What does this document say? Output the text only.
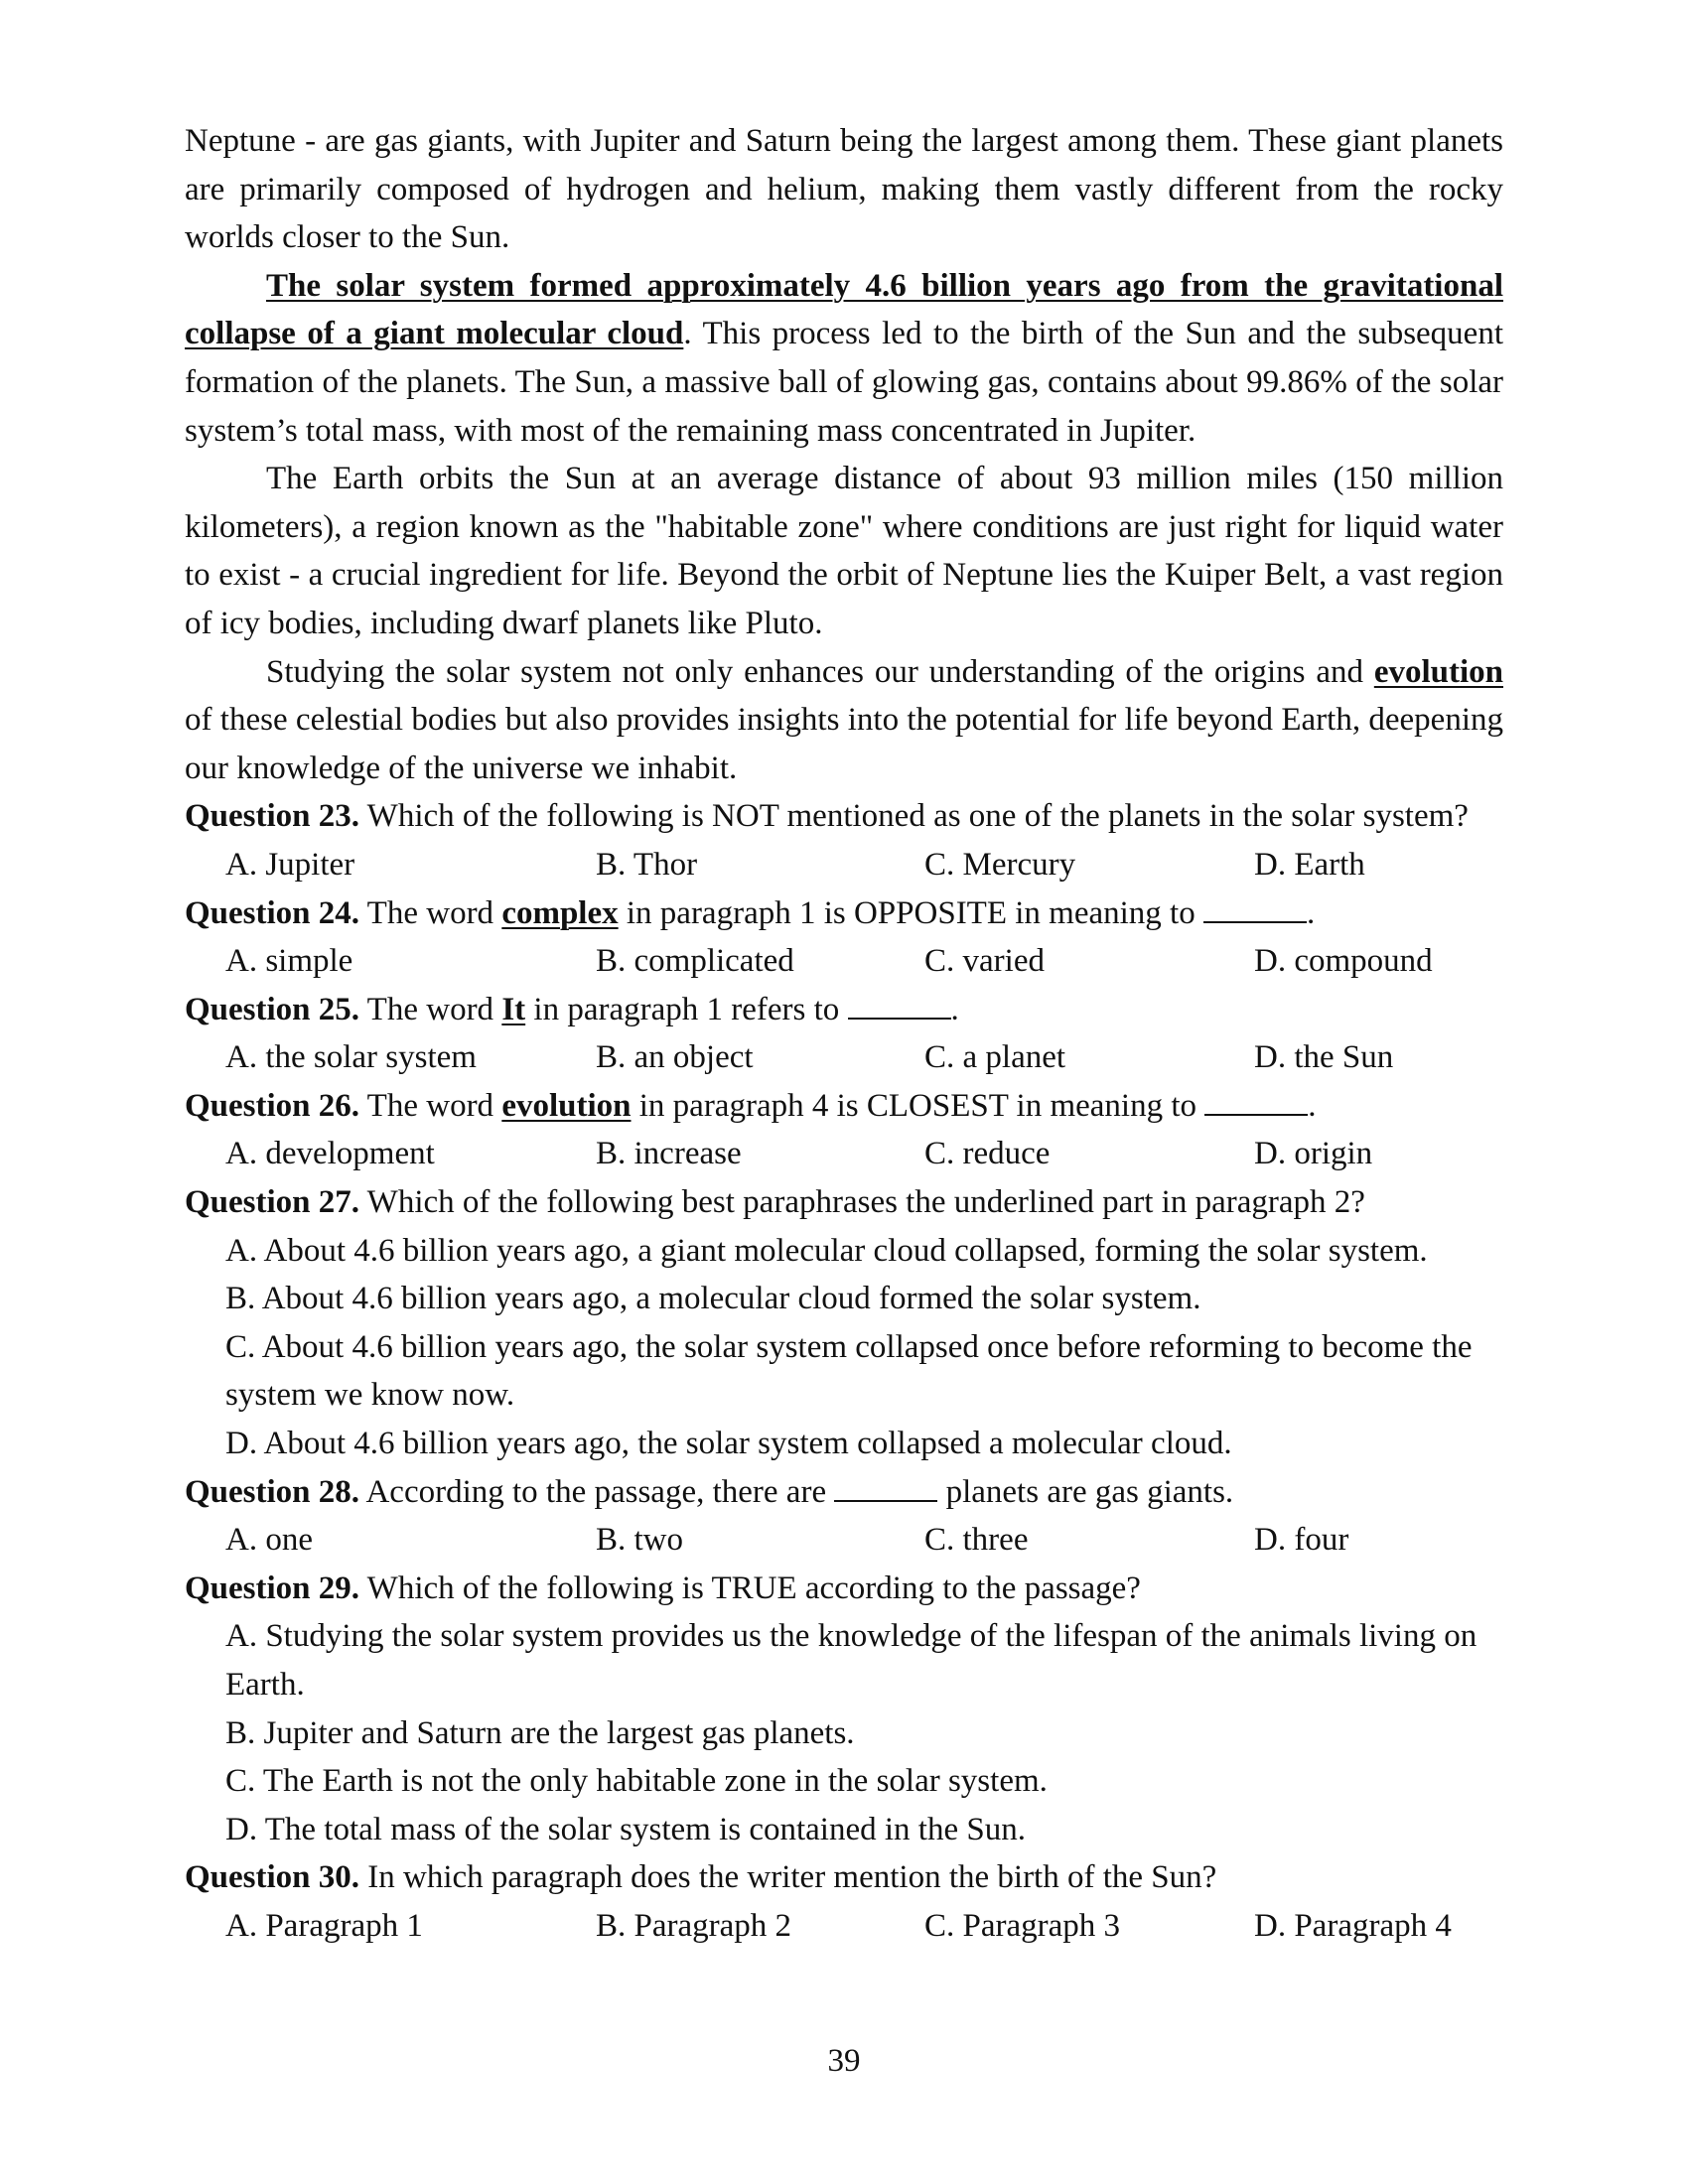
Neptune - are gas giants, with Jupiter and Saturn being the largest among them. These giant planets are primarily composed of hydrogen and helium, making them vastly different from the rocky worlds closer to the Sun.

The solar system formed approximately 4.6 billion years ago from the gravitational collapse of a giant molecular cloud. This process led to the birth of the Sun and the subsequent formation of the planets. The Sun, a massive ball of glowing gas, contains about 99.86% of the solar system’s total mass, with most of the remaining mass concentrated in Jupiter.

The Earth orbits the Sun at an average distance of about 93 million miles (150 million kilometers), a region known as the "habitable zone" where conditions are just right for liquid water to exist - a crucial ingredient for life. Beyond the orbit of Neptune lies the Kuiper Belt, a vast region of icy bodies, including dwarf planets like Pluto.

Studying the solar system not only enhances our understanding of the origins and evolution of these celestial bodies but also provides insights into the potential for life beyond Earth, deepening our knowledge of the universe we inhabit.

Question 23. Which of the following is NOT mentioned as one of the planets in the solar system?

A. Jupiter	B. Thor	C. Mercury	D. Earth

Question 24. The word complex in paragraph 1 is OPPOSITE in meaning to	.

A. simple	B. complicated	C. varied	D. compound

Question 25. The word It in paragraph 1 refers to	.

A. the solar system	B. an object	C. a planet	D. the Sun

Question 26. The word evolution in paragraph 4 is CLOSEST in meaning to	.

A. development	B. increase	C. reduce	D. origin

Question 27. Which of the following best paraphrases the underlined part in paragraph 2?

A. About 4.6 billion years ago, a giant molecular cloud collapsed, forming the solar system.

B. About 4.6 billion years ago, a molecular cloud formed the solar system.

C. About 4.6 billion years ago, the solar system collapsed once before reforming to become the system we know now.

D. About 4.6 billion years ago, the solar system collapsed a molecular cloud.

Question 28. According to the passage, there are	planets are gas giants.

A. one	B. two	C. three	D. four

Question 29. Which of the following is TRUE according to the passage?

A. Studying the solar system provides us the knowledge of the lifespan of the animals living on Earth.

B. Jupiter and Saturn are the largest gas planets.

C. The Earth is not the only habitable zone in the solar system.

D. The total mass of the solar system is contained in the Sun.

Question 30. In which paragraph does the writer mention the birth of the Sun?

A. Paragraph 1	B. Paragraph 2	C. Paragraph 3	D. Paragraph 4
39
